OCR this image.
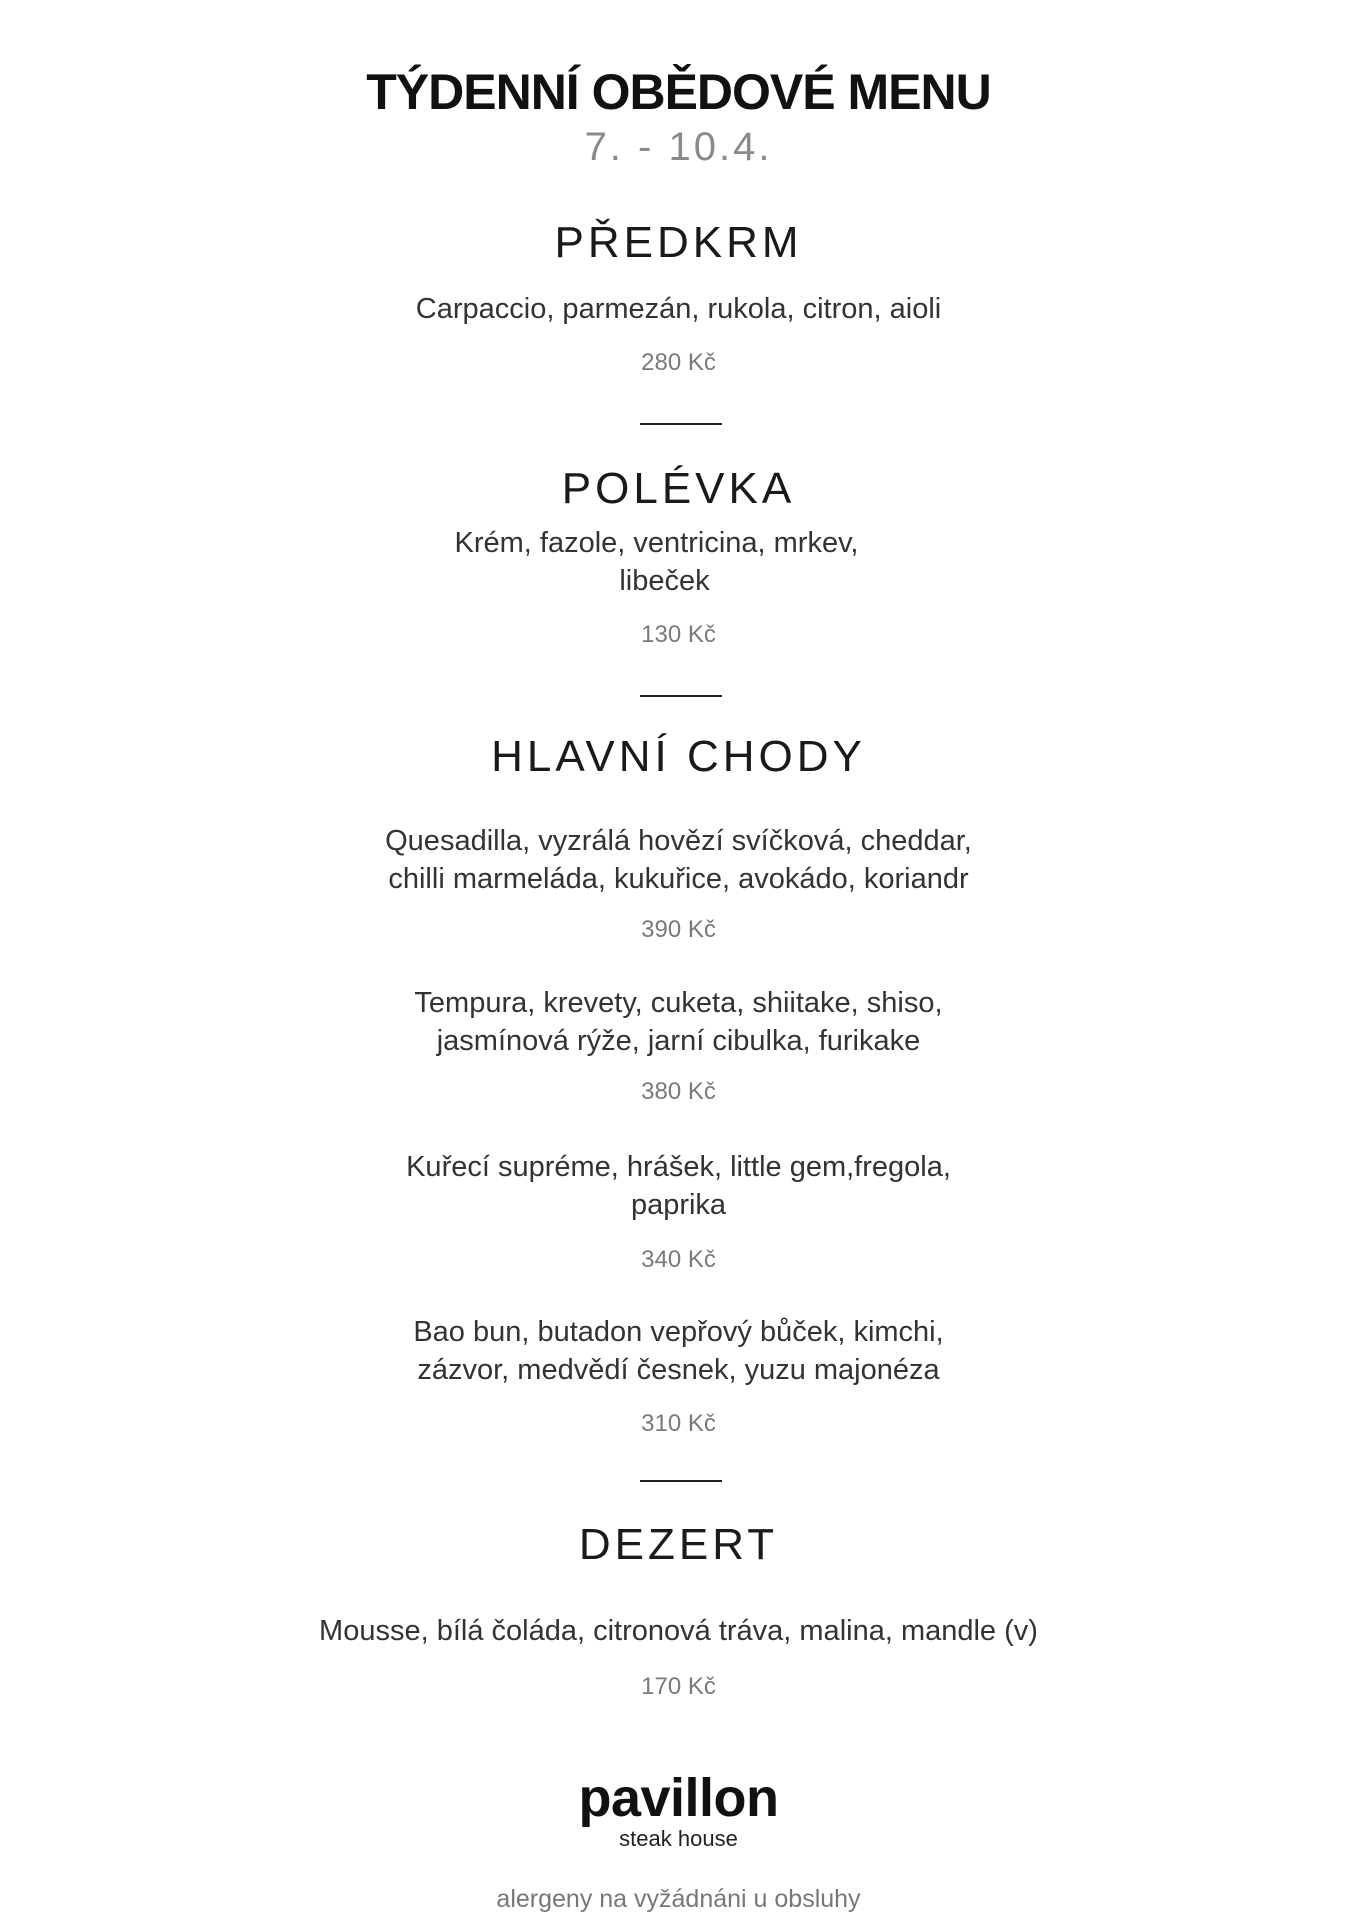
TÝDENNÍ OBĚDOVÉ MENU
7. - 10.4.
PŘEDKRM
Carpaccio, parmezán, rukola, citron, aioli
280 Kč
POLÉVKA
Krém, fazole, ventricina, mrkev,
libeček
130 Kč
HLAVNÍ CHODY
Quesadilla, vyzrálá hovězí svíčková, cheddar,
chilli marmeláda, kukuřice, avokádo, koriandr
390 Kč
Tempura, krevety, cuketa, shiitake, shiso,
jasmínová rýže, jarní cibulka, furikake
380 Kč
Kuřecí supréme, hrášek, little gem,fregola,
paprika
340 Kč
Bao bun, butadon vepřový bůček, kimchi,
zázvor, medvědí česnek, yuzu majonéza
310 Kč
DEZERT
Mousse, bílá čoláda, citronová tráva, malina, mandle (v)
170 Kč
pavillon
steak house
alergeny na vyžádnáni u obsluhy
